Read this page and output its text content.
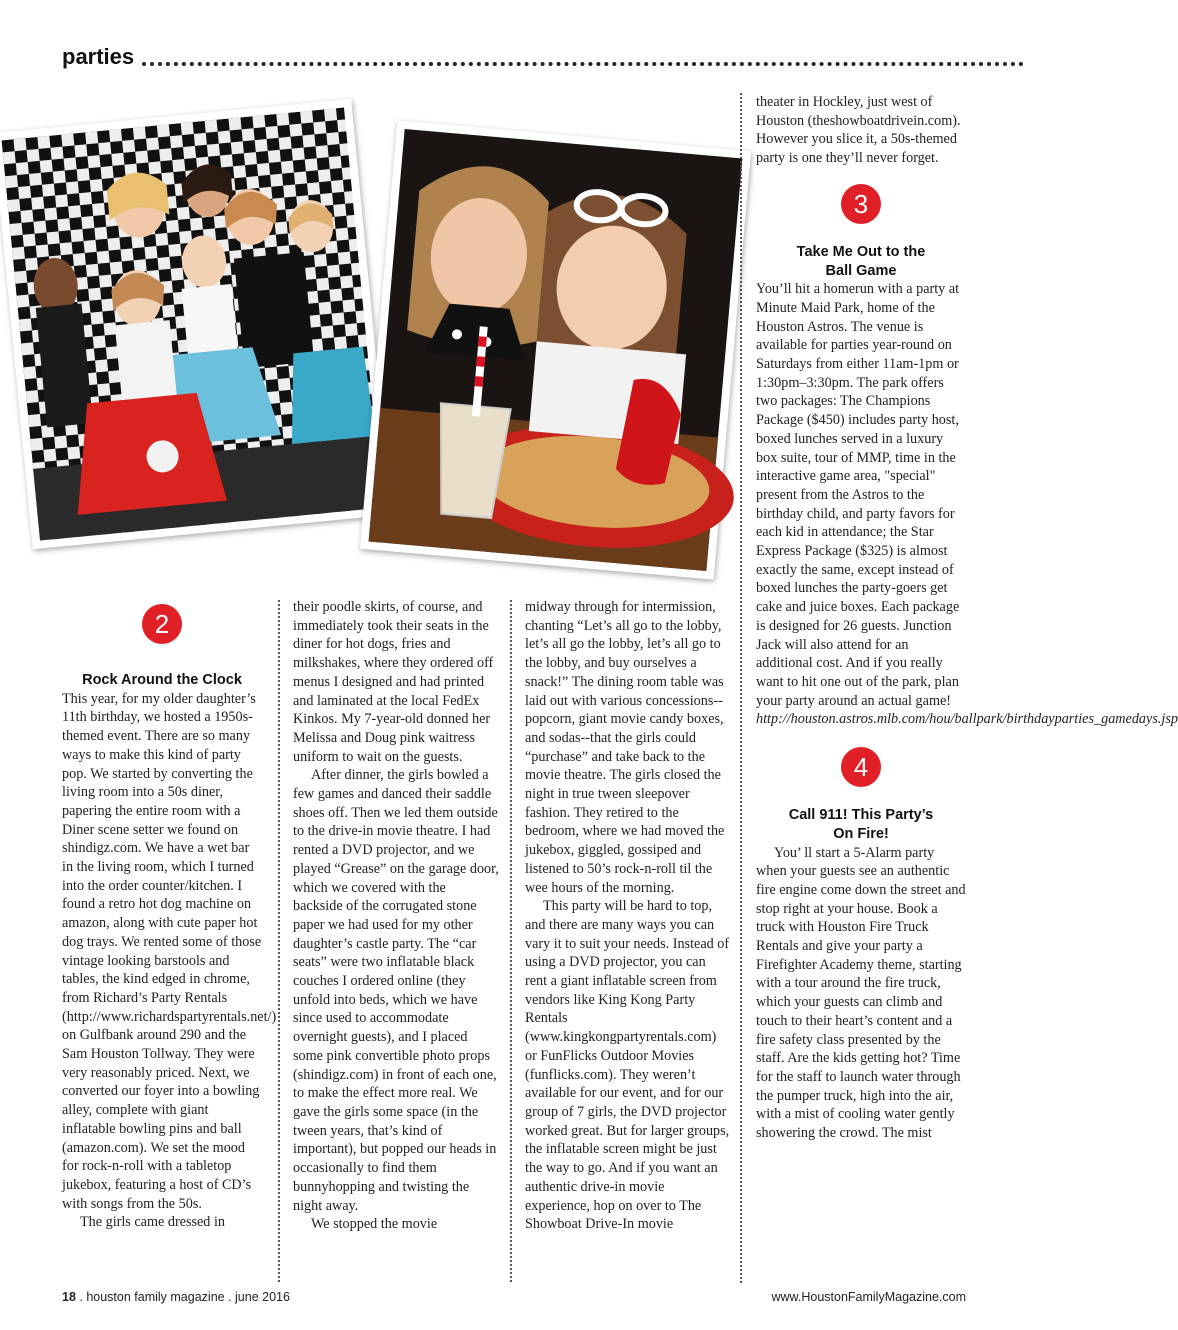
parties
2

Rock Around the Clock

This year, for my older daughter’s 11th birthday, we hosted a 1950s-themed event. There are so many ways to make this kind of party pop. We started by converting the living room into a 50s diner, papering the entire room with a Diner scene setter we found on shindigz.com. We have a wet bar in the living room, which I turned into the order counter/kitchen. I found a retro hot dog machine on amazon, along with cute paper hot dog trays. We rented some of those vintage looking barstools and tables, the kind edged in chrome, from Richard’s Party Rentals (http://www.richardspartyrentals.net/) on Gulfbank around 290 and the Sam Houston Tollway. They were very reasonably priced. Next, we converted our foyer into a bowling alley, complete with giant inflatable bowling pins and ball (amazon.com). We set the mood for rock-n-roll with a tabletop jukebox, featuring a host of CD’s with songs from the 50s.

The girls came dressed in

their poodle skirts, of course, and immediately took their seats in the diner for hot dogs, fries and milkshakes, where they ordered off menus I designed and had printed and laminated at the local FedEx Kinkos. My 7-year-old donned her Melissa and Doug pink waitress uniform to wait on the guests.

After dinner, the girls bowled a few games and danced their saddle shoes off. Then we led them outside to the drive-in movie theatre. I had rented a DVD projector, and we played “Grease” on the garage door, which we covered with the backside of the corrugated stone paper we had used for my other daughter’s castle party. The “car seats” were two inflatable black couches I ordered online (they unfold into beds, which we have since used to accommodate overnight guests), and I placed some pink convertible photo props (shindigz.com) in front of each one, to make the effect more real. We gave the girls some space (in the tween years, that’s kind of important), but popped our heads in occasionally to find them bunnyhopping and twisting the night away.

We stopped the movie

midway through for intermission, chanting “Let’s all go to the lobby, let’s all go the lobby, let’s all go to the lobby, and buy ourselves a snack!” The dining room table was laid out with various concessions--popcorn, giant movie candy boxes, and sodas--that the girls could “purchase” and take back to the movie theatre. The girls closed the night in true tween sleepover fashion. They retired to the bedroom, where we had moved the jukebox, giggled, gossiped and listened to 50’s rock-n-roll til the wee hours of the morning.

This party will be hard to top, and there are many ways you can vary it to suit your needs. Instead of using a DVD projector, you can rent a giant inflatable screen from vendors like King Kong Party Rentals (www.kingkongpartyrentals.com) or FunFlicks Outdoor Movies (funflicks.com). They weren’t available for our event, and for our group of 7 girls, the DVD projector worked great. But for larger groups, the inflatable screen might be just the way to go. And if you want an authentic drive-in movie experience, hop on over to The Showboat Drive-In movie

theater in Hockley, just west of Houston (theshowboatdrivein.com). However you slice it, a 50s-themed party is one they’ll never forget.

3

Take Me Out to the

Ball Game

You’ll hit a homerun with a party at Minute Maid Park, home of the Houston Astros. The venue is available for parties year-round on Saturdays from either 11am-1pm or 1:30pm–3:30pm. The park offers two packages: The Champions Package ($450) includes party host, boxed lunches served in a luxury box suite, tour of MMP, time in the interactive game area, "special" present from the Astros to the birthday child, and party favors for each kid in attendance; the Star Express Package ($325) is almost exactly the same, except instead of boxed lunches the party-goers get cake and juice boxes. Each package is designed for 26 guests. Junction Jack will also attend for an additional cost. And if you really want to hit one out of the park, plan your party around an actual game!

http://houston.astros.mlb.com/hou/ballpark/birthdayparties_gamedays.jsp

4

Call 911! This Party’s

On Fire!

You’ ll start a 5-Alarm party when your guests see an authentic fire engine come down the street and stop right at your house. Book a truck with Houston Fire Truck Rentals and give your party a Firefighter Academy theme, starting with a tour around the fire truck, which your guests can climb and touch to their heart’s content and a fire safety class presented by the staff. Are the kids getting hot? Time for the staff to launch water through the pumper truck, high into the air, with a mist of cooling water gently showering the crowd. The mist

18 . houston family magazine . june 2016	www.HoustonFamilyMagazine.com
